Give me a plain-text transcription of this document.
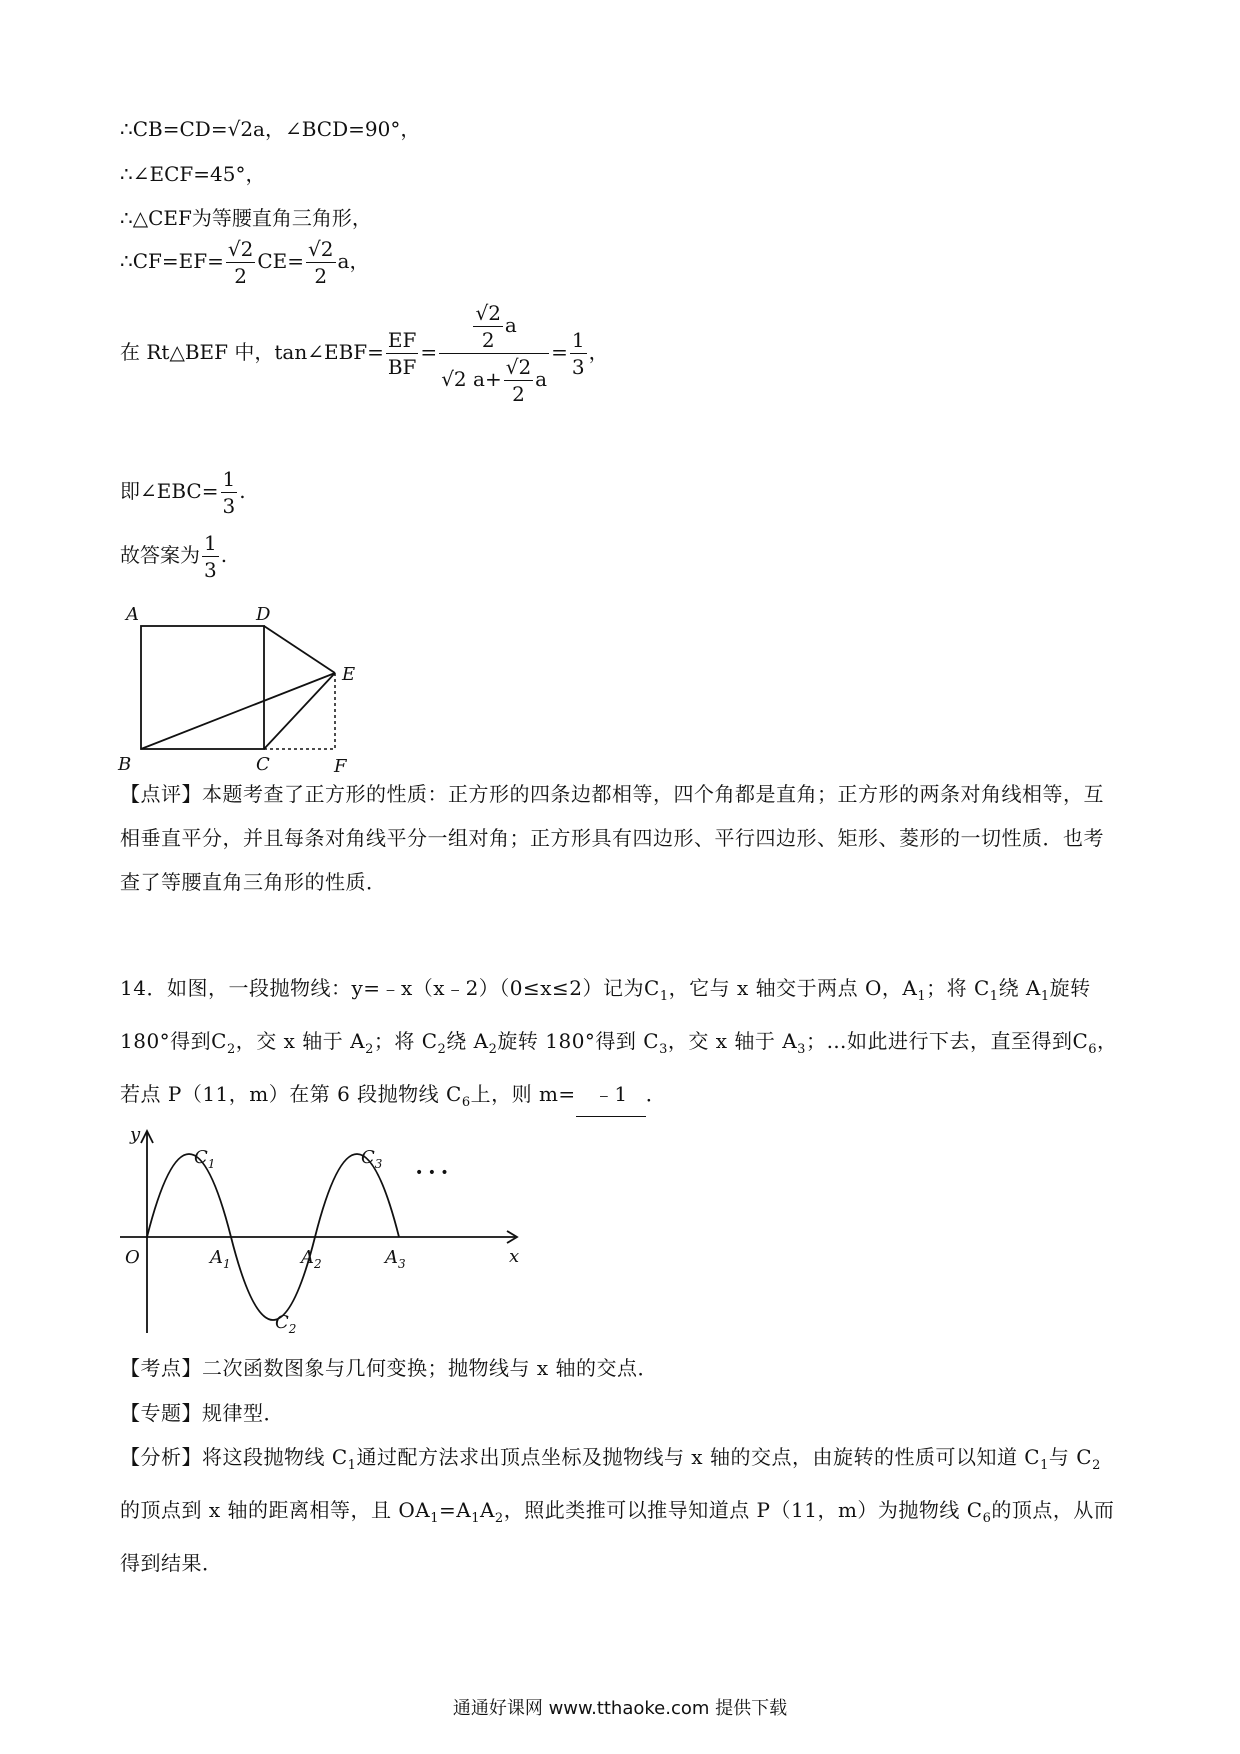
∴CB=CD=√2a，∠BCD=90°，
∴∠ECF=45°，
∴△CEF为等腰直角三角形，
∴CF=EF= $\frac{√2}{2} CE= \frac{√2}{2}$ a，
在 Rt△BEF 中，tan∠EBF= $\frac{EF}{BF} = \frac{\frac{√2}{2} a}{√2 a+ \frac{√2}{2} a} = \frac{1}{3}$ ，
即∠EBC= $\frac{1}{3}$ .
故答案为 $\frac{1}{3}$ .
A	D
E
B	C	F
【点评】本题考查了正方形的性质：正方形的四条边都相等，四个角都是直角；正方形的两条对角线相等，互相垂直平分，并且每条对角线平分一组对角；正方形具有四边形、平行四边形、矩形、菱形的一切性质．也考查了等腰直角三角形的性质．
14．如图，一段抛物线：y=﹣x（x﹣2）（0≤x≤2）记为$C_1$，它与 x 轴交于两点 O，$A_1$；将 $C_1$绕 $A_1$旋转 180°得到$C_2$，交 x 轴于 $A_2$；将 $C_2$绕 $A_2$旋转 180°得到 $C_3$，交 x 轴于 $A_3$；…如此进行下去，直至得到$C_6$，若点 P（11，m）在第 6 段抛物线 $C_6$上，则 m= ﹣1 ．
y
x
O	$A_1$	$A_2$	$A_3$
$C_1$
$C_2$
$C_3$
• • •
【考点】二次函数图象与几何变换；抛物线与 x 轴的交点．
【专题】规律型．
【分析】将这段抛物线 $C_1$通过配方法求出顶点坐标及抛物线与 x 轴的交点，由旋转的性质可以知道 $C_1$与 $C_2$的顶点到 x 轴的距离相等，且 $OA_1=A_1A_2$，照此类推可以推导知道点 P（11，m）为抛物线 $C_6$的顶点，从而得到结果．
通通好课网 www.tthaoke.com 提供下载
